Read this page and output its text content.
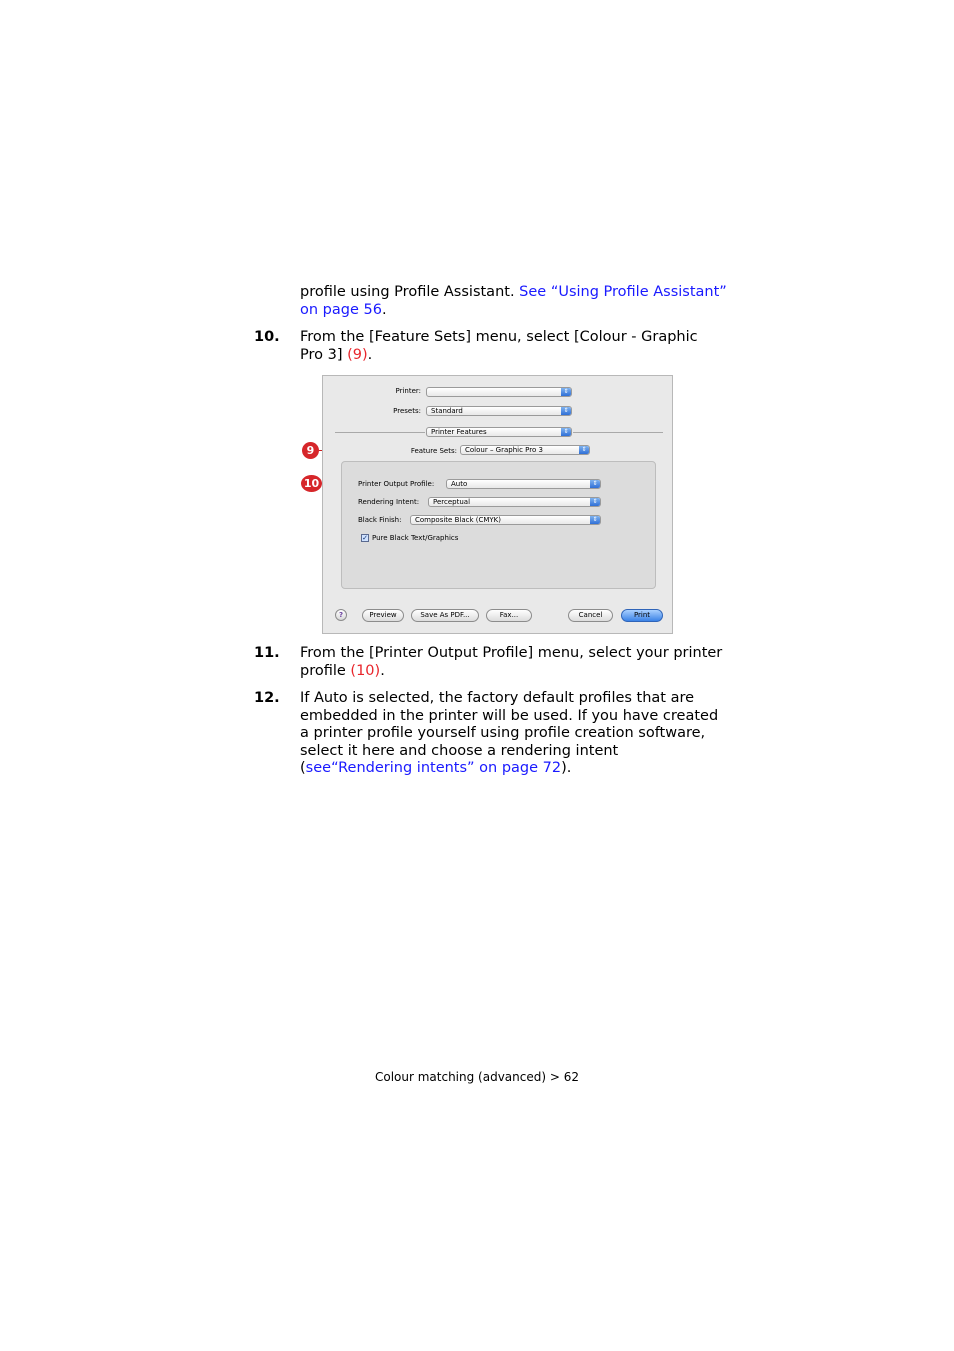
profile using Profile Assistant. See “Using Profile Assistant” on page 56.
10. From the [Feature Sets] menu, select [Colour - Graphic Pro 3] (9).
9
10
Printer:	⇕
Presets:	Standard	⇕
Printer Features	⇕
Feature Sets:	Colour – Graphic Pro 3	⇕
Printer Output Profile:	Auto	⇕
Rendering Intent:	Perceptual	⇕
Black Finish:	Composite Black (CMYK)	⇕
✓ Pure Black Text/Graphics
?	Preview	Save As PDF...	Fax...	Cancel	Print
11. From the [Printer Output Profile] menu, select your printer profile (10).
12. If Auto is selected, the factory default profiles that are embedded in the printer will be used. If you have created a printer profile yourself using profile creation software, select it here and choose a rendering intent (see“Rendering intents” on page 72).
Colour matching (advanced) > 62
